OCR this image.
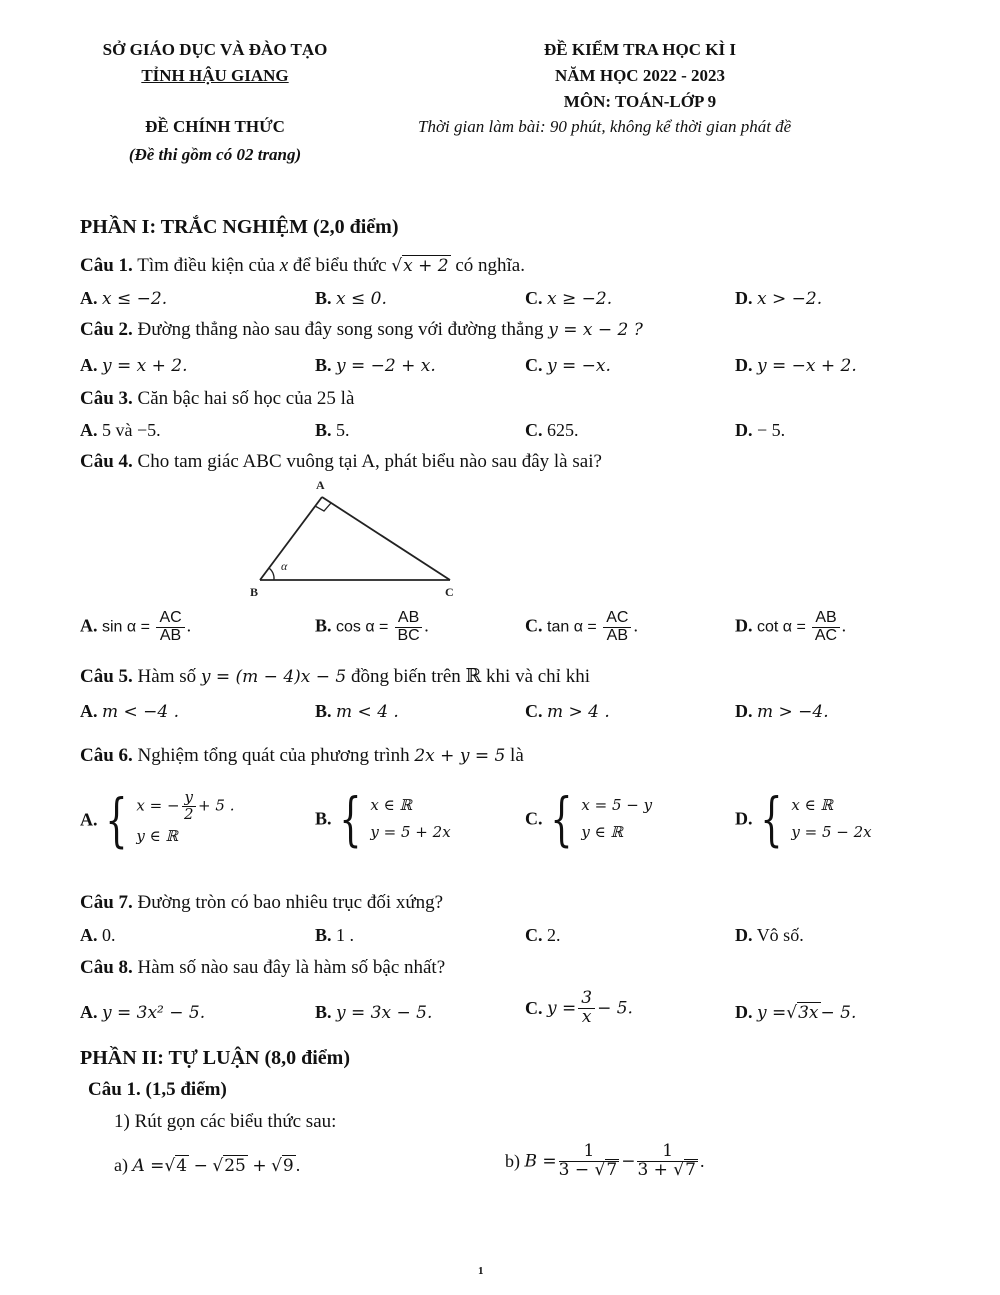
SỞ GIÁO DỤC VÀ ĐÀO TẠO
TỈNH HẬU GIANG
ĐỀ CHÍNH THỨC
(Đề thi gồm có 02 trang)
ĐỀ KIỂM TRA HỌC KÌ I
NĂM HỌC 2022 - 2023
MÔN: TOÁN-LỚP 9
Thời gian làm bài: 90 phút, không kể thời gian phát đề
PHẦN I: TRẮC NGHIỆM (2,0 điểm)
Câu 1. Tìm điều kiện của x để biểu thức √x + 2 có nghĩa.
A. x ≤ −2.	B. x ≤ 0.	C. x ≥ −2.	D. x > −2.
Câu 2. Đường thẳng nào sau đây song song với đường thẳng y = x − 2 ?
A. y = x + 2.	B. y = −2 + x.	C. y = −x.	D. y = −x + 2.
Câu 3. Căn bậc hai số học của 25 là
A. 5 và −5.	B. 5.	C. 625.	D. − 5.
Câu 4. Cho tam giác ABC vuông tại A, phát biểu nào sau đây là sai?
A
B	C
α
A. $\sin \alpha = \frac{AC}{AB}$ .	B. $\cos \alpha = \frac{AB}{BC}$ .	C. $\tan \alpha = \frac{AC}{AB}$ .	D. $\cot \alpha = \frac{AB}{AC}$ .
Câu 5. Hàm số y = (m − 4)x − 5 đồng biến trên ℝ khi và chỉ khi
A. m < −4 .	B. m < 4 .	C. m > 4 .	D. m > −4.
Câu 6. Nghiệm tổng quát của phương trình 2x + y = 5 là
A. { x = − $\frac{y}{2} + 5$ .
y ∈ ℝ
B. { x ∈ ℝ
y = 5 + 2x
C. { x = 5 − y
y ∈ ℝ
D. { x ∈ ℝ
y = 5 − 2x
Câu 7. Đường tròn có bao nhiêu trục đối xứng?
A. 0.	B. 1 .	C. 2.	D. Vô số.
Câu 8. Hàm số nào sau đây là hàm số bậc nhất?
A. y = 3x² − 5.	B. y = 3x − 5.	C. $y = \frac{3}{x} - 5$.	D. y =√3x − 5.
PHẦN II: TỰ LUẬN (8,0 điểm)
Câu 1. (1,5 điểm)
1) Rút gọn các biểu thức sau:
a) A =√4 − √25 + √9 .	b) $B = \frac{1}{3 - √7} - \frac{1}{3 + √7}$ .
1
